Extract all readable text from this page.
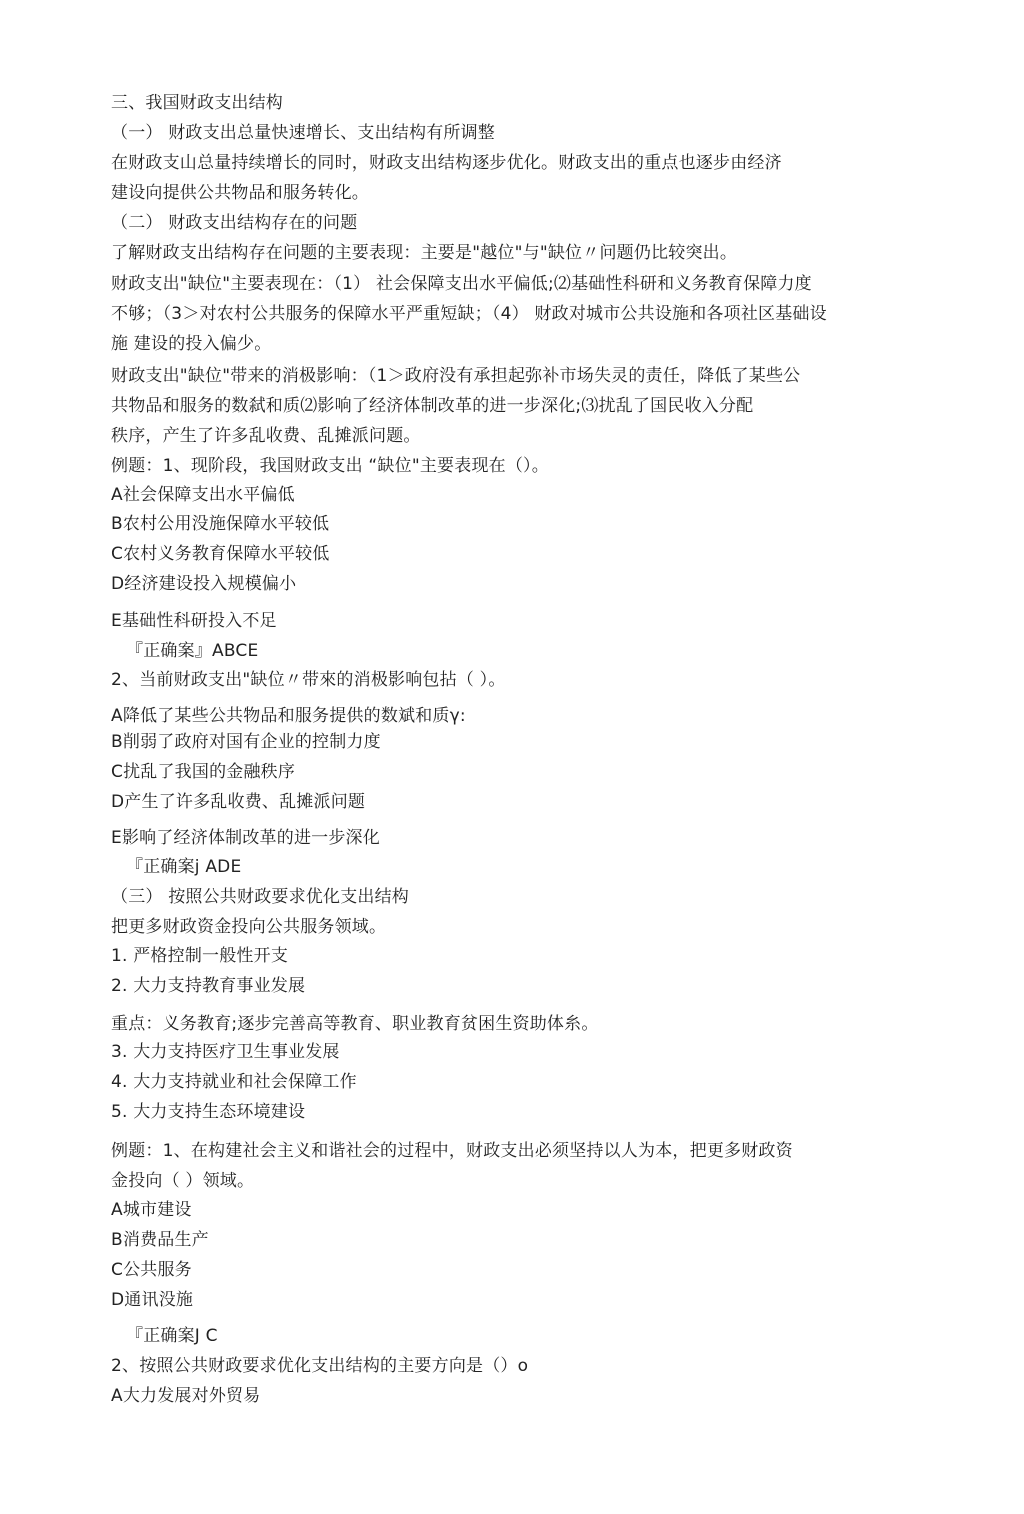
三、我国财政支出结构
（一） 财政支出总量快速增长、支出结构有所调整
在财政支山总量持续增长的同时，财政支出结构逐步优化。财政支出的重点也逐步由经济
建设向提供公共物品和服务转化。
（二） 财政支出结构存在的问题
了解财政支出结构存在问题的主要表现：主要是"越位"与"缺位〃问题仍比较突出。
财政支出"缺位"主要表现在：（1） 社会保障支出水平偏低;⑵基础性科研和义务教育保障力度
不够；（3＞对农村公共服务的保障水平严重短缺；（4） 财政对城市公共设施和各项社区基础设
施 建设的投入偏少。
财政支出"缺位"带来的消极影响：（1＞政府没有承担起弥补市场失灵的责任，降低了某些公
共物品和服务的数弑和质⑵影响了经济体制改革的进一步深化;⑶扰乱了国民收入分配
秩序，产生了许多乱收费、乱摊派问题。
例题：1、现阶段，我国财政支出 “缺位"主要表现在（）。
A社会保障支出水平偏低
B农村公用没施保障水平较低
C农村义务教育保障水平较低
D经济建设投入规模偏小
E基础性科研投入不足
『正确案』ABCE
2、当前财政支出"缺位〃带來的消极影响包拈（ ）。
A降低了某些公共物品和服务提供的数斌和质γ:
B削弱了政府对国有企业的控制力度
C扰乱了我国的金融秩序
D产生了许多乱收费、乱摊派问题
E影响了经济体制改革的进一步深化
『正确案j ADE
（三） 按照公共财政要求优化支出结构
把更多财政资金投向公共服务领域。
1. 严格控制一般性开支
2. 大力支持教育事业发展
重点：义务教育;逐步完善高等教育、职业教育贫困生资助体糸。
3. 大力支持医疗卫生事业发展
4. 大力支持就业和社会保障工作
5. 大力支持生态环境建设
例题：1、在构建社会主义和谐社会的过程中，财政支出必须坚持以人为本，把更多财政资
金投向（ ）领域。
A城市建设
B消费品生产
C公共服务
D通讯没施
『正确案J C
2、按照公共财政要求优化支出结构的主要方向是（）o
A大力发展对外贸易
